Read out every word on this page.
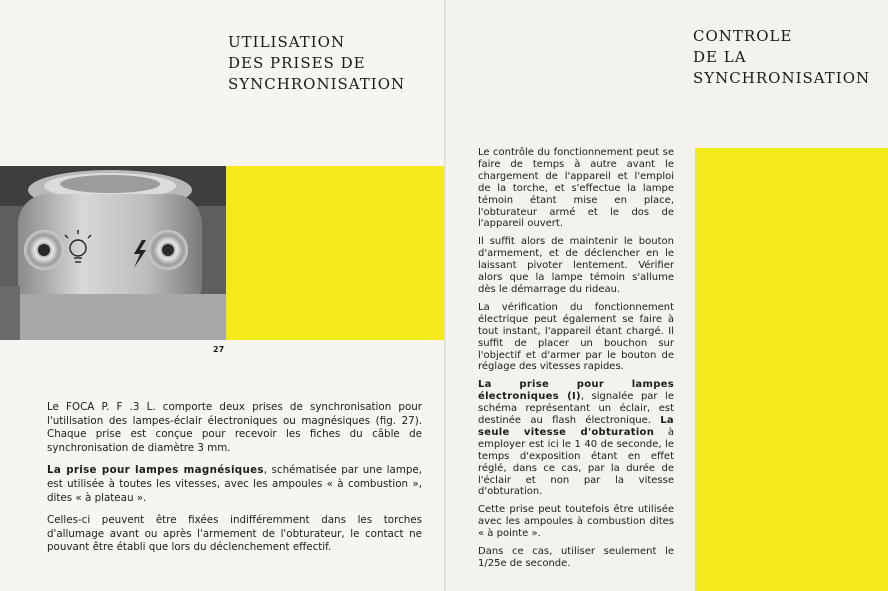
UTILISATION
DES PRISES DE
SYNCHRONISATION
27

Le FOCA P. F .3 L. comporte deux prises de synchronisation pour l'utilisation des lampes-éclair électroniques ou magnésiques (fig. 27). Chaque prise est conçue pour recevoir les fiches du câble de synchronisation de diamètre 3 mm.

La prise pour lampes magnésiques, schématisée par une lampe, est utilisée à toutes les vitesses, avec les ampoules « à combustion », dites « à plateau ».

Celles-ci peuvent être fixées indifféremment dans les torches d'allumage avant ou après l'armement de l'obturateur, le contact ne pouvant être établi que lors du déclenchement effectif.

CONTROLE
DE LA
SYNCHRONISATION

Le contrôle du fonctionnement peut se faire de temps à autre avant le chargement de l'appareil et l'emploi de la torche, et s'effectue la lampe témoin étant mise en place, l'obturateur armé et le dos de l'appareil ouvert.

Il suffit alors de maintenir le bouton d'armement, et de déclencher en le laissant pivoter lentement. Vérifier alors que la lampe témoin s'allume dès le démarrage du rideau.

La vérification du fonctionnement électrique peut également se faire à tout instant, l'appareil étant chargé. Il suffit de placer un bouchon sur l'objectif et d'armer par le bouton de réglage des vitesses rapides.

La prise pour lampes électroniques (I), signalée par le schéma représentant un éclair, est destinée au flash électronique. La seule vitesse d'obturation à employer est ici le 1 40 de seconde, le temps d'exposition étant en effet réglé, dans ce cas, par la durée de l'éclair et non par la vitesse d'obturation.

Cette prise peut toutefois être utilisée avec les ampoules à combustion dites « à pointe ».

Dans ce cas, utiliser seulement le 1/25e de seconde.
